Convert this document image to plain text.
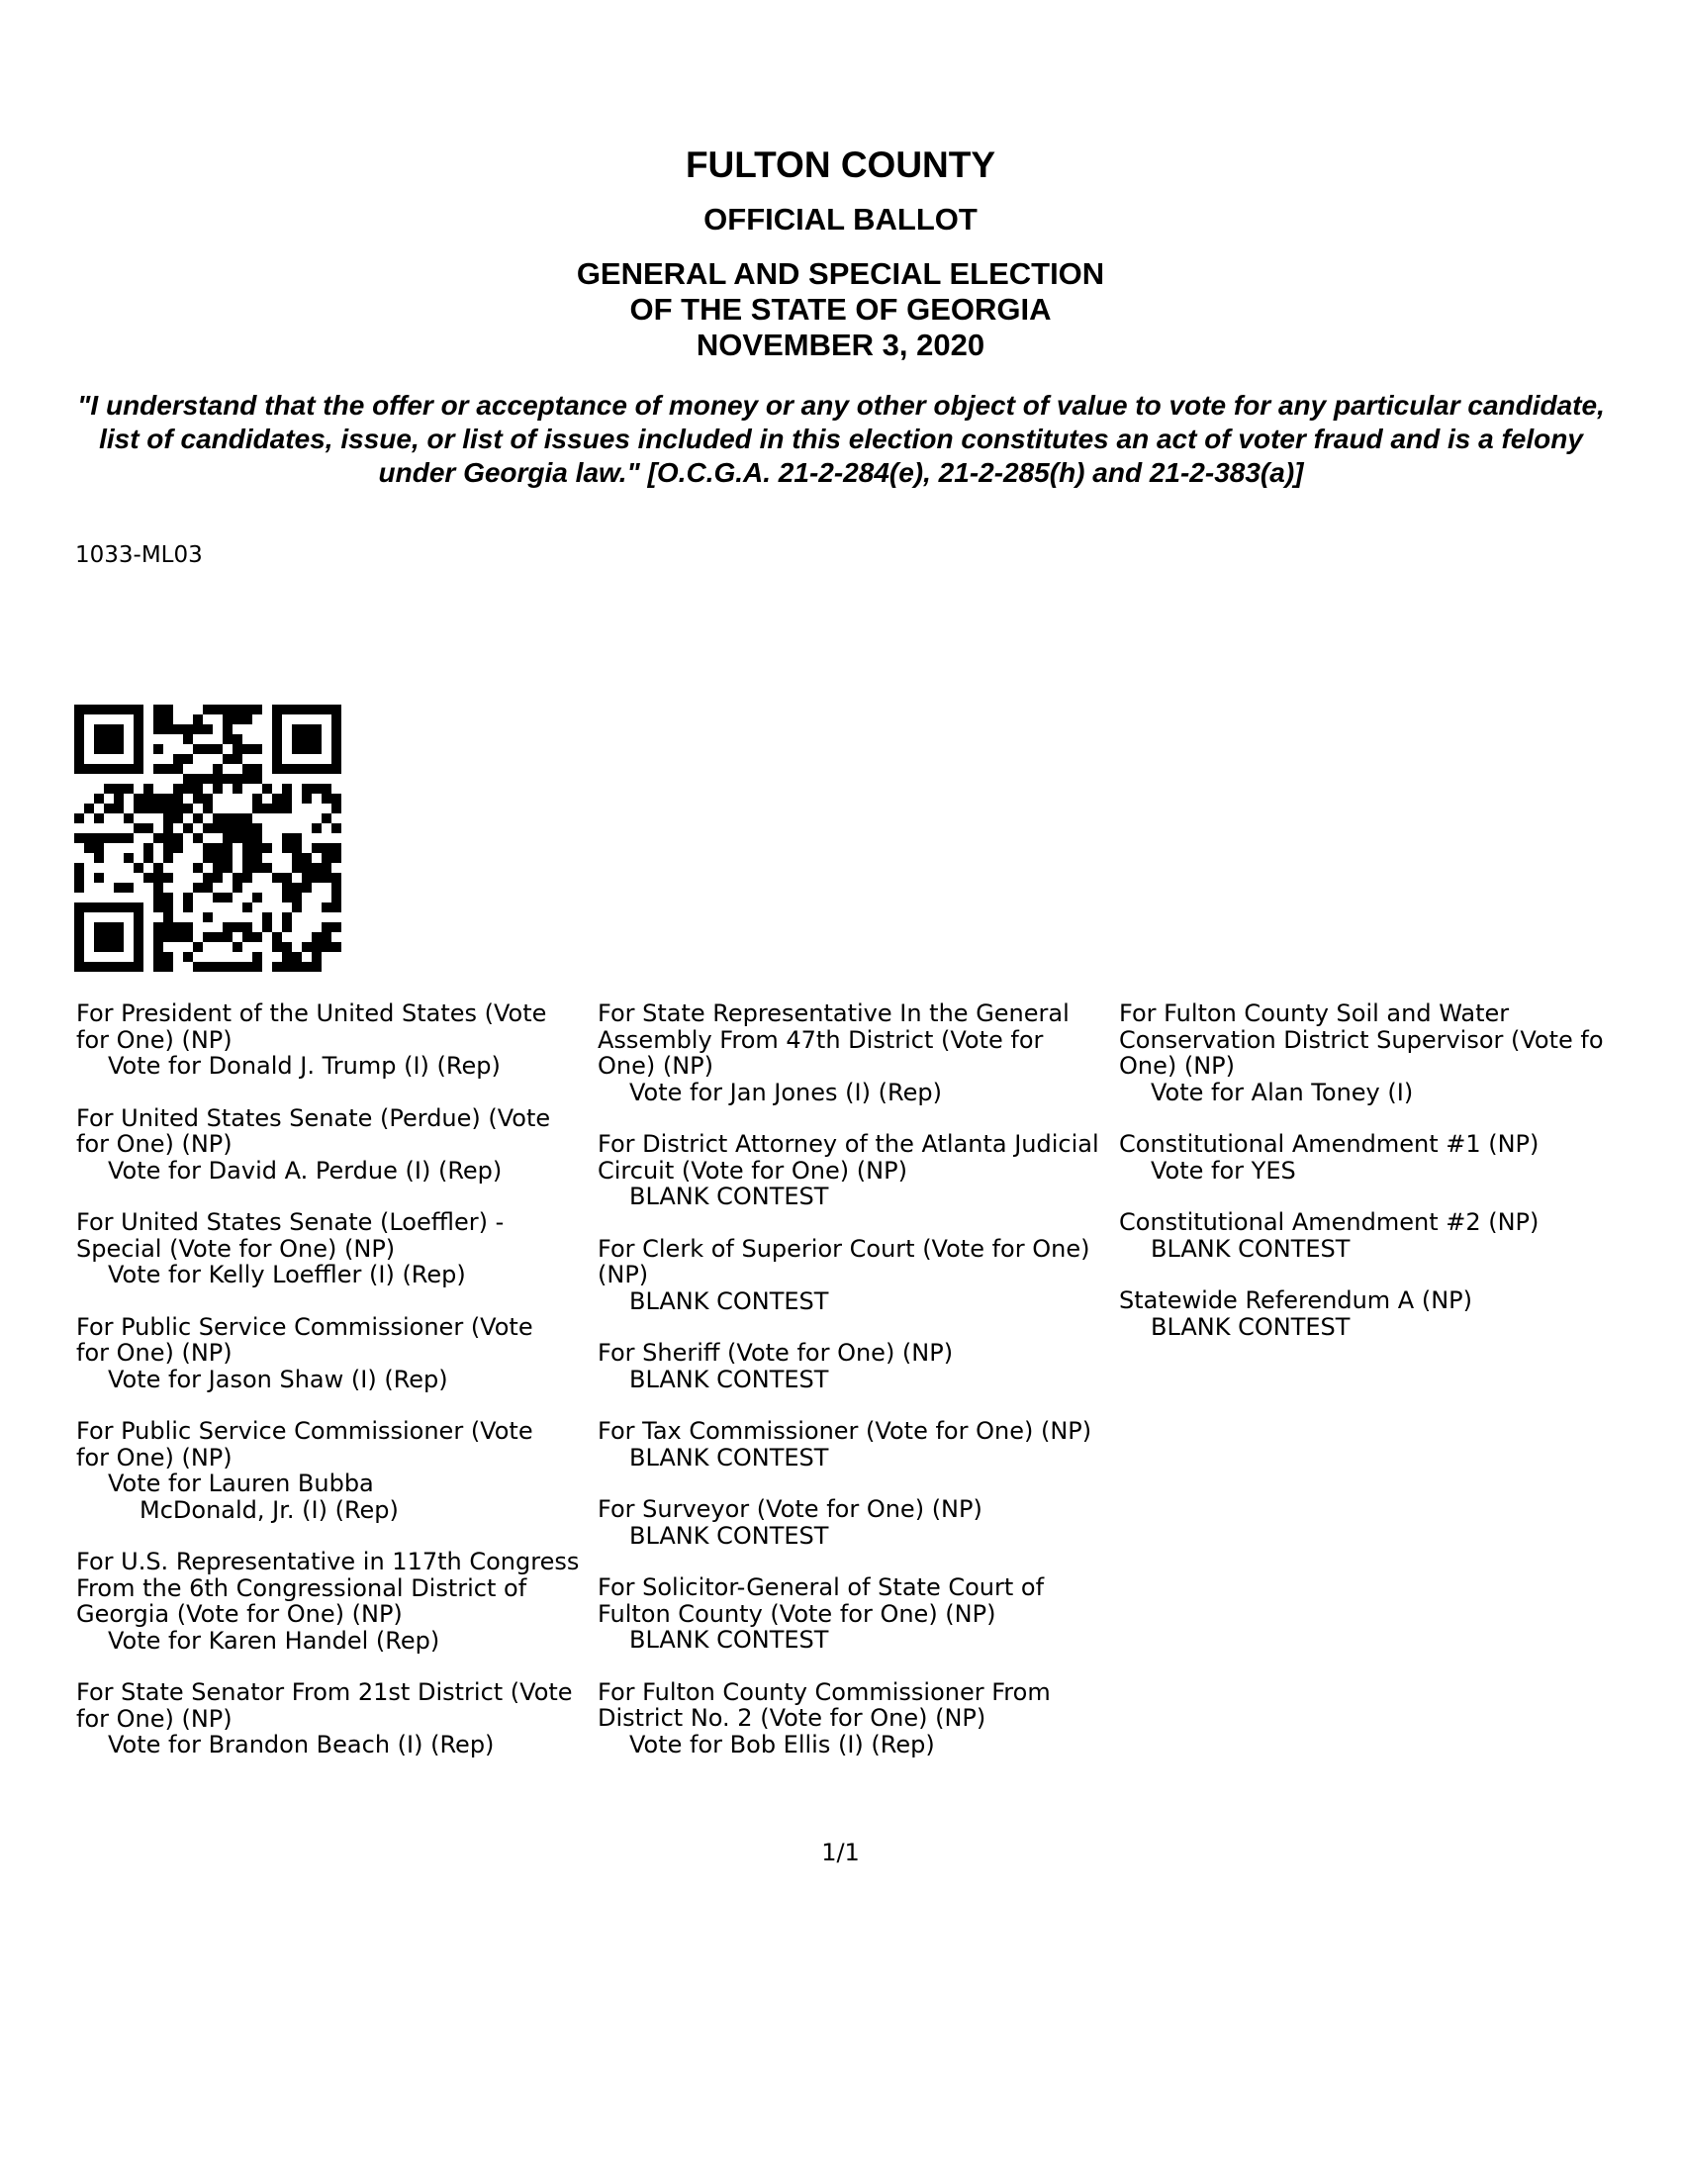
FULTON COUNTY
OFFICIAL BALLOT
GENERAL AND SPECIAL ELECTION
OF THE STATE OF GEORGIA
NOVEMBER 3, 2020
"I understand that the offer or acceptance of money or any other object of value to vote for any particular candidate,
list of candidates, issue, or list of issues included in this election constitutes an act of voter fraud and is a felony
under Georgia law." [O.C.G.A. 21-2-284(e), 21-2-285(h) and 21-2-383(a)]
1033-ML03
For President of the United States (Vote
for One) (NP)
Vote for Donald J. Trump (I) (Rep)
For United States Senate (Perdue) (Vote
for One) (NP)
Vote for David A. Perdue (I) (Rep)
For United States Senate (Loeffler) -
Special (Vote for One) (NP)
Vote for Kelly Loeffler (I) (Rep)
For Public Service Commissioner (Vote
for One) (NP)
Vote for Jason Shaw (I) (Rep)
For Public Service Commissioner (Vote
for One) (NP)
Vote for Lauren Bubba
McDonald, Jr. (I) (Rep)
For U.S. Representative in 117th Congress
From the 6th Congressional District of
Georgia (Vote for One) (NP)
Vote for Karen Handel (Rep)
For State Senator From 21st District (Vote
for One) (NP)
Vote for Brandon Beach (I) (Rep)
For State Representative In the General
Assembly From 47th District (Vote for
One) (NP)
Vote for Jan Jones (I) (Rep)
For District Attorney of the Atlanta Judicial
Circuit (Vote for One) (NP)
BLANK CONTEST
For Clerk of Superior Court (Vote for One)
(NP)
BLANK CONTEST
For Sheriff (Vote for One) (NP)
BLANK CONTEST
For Tax Commissioner (Vote for One) (NP)
BLANK CONTEST
For Surveyor (Vote for One) (NP)
BLANK CONTEST
For Solicitor-General of State Court of
Fulton County (Vote for One) (NP)
BLANK CONTEST
For Fulton County Commissioner From
District No. 2 (Vote for One) (NP)
Vote for Bob Ellis (I) (Rep)
For Fulton County Soil and Water
Conservation District Supervisor (Vote fo
One) (NP)
Vote for Alan Toney (I)
Constitutional Amendment #1 (NP)
Vote for YES
Constitutional Amendment #2 (NP)
BLANK CONTEST
Statewide Referendum A (NP)
BLANK CONTEST
1/1
